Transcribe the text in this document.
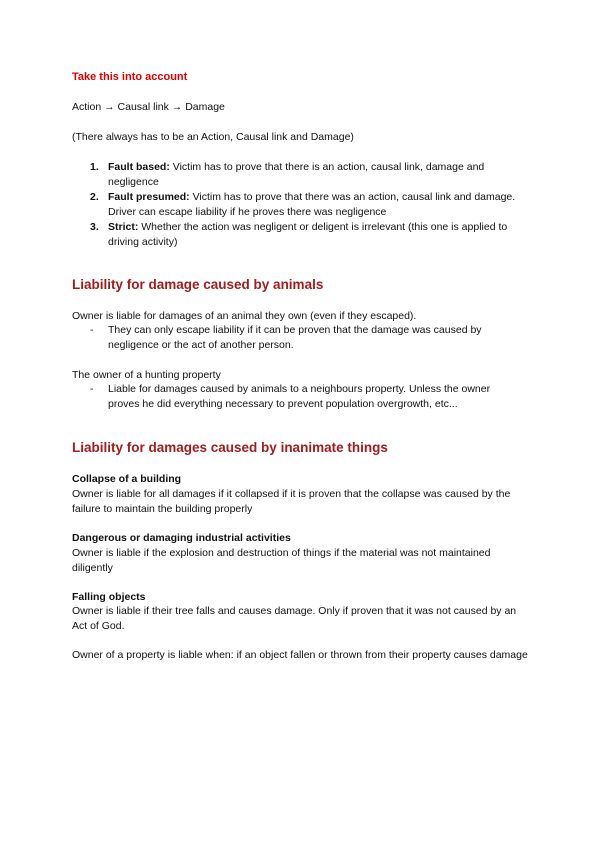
Take this into account

Action → Causal link → Damage

(There always has to be an Action, Causal link and Damage)

1. Fault based: Victim has to prove that there is an action, causal link, damage and negligence
2. Fault presumed: Victim has to prove that there was an action, causal link and damage. Driver can escape liability if he proves there was negligence
3. Strict: Whether the action was negligent or deligent is irrelevant (this one is applied to driving activity)
Liability for damage caused by animals

Owner is liable for damages of an animal they own (even if they escaped).

- They can only escape liability if it can be proven that the damage was caused by negligence or the act of another person.

The owner of a hunting property

- Liable for damages caused by animals to a neighbours property. Unless the owner proves he did everything necessary to prevent population overgrowth, etc...
Liability for damages caused by inanimate things

Collapse of a building

Owner is liable for all damages if it collapsed if it is proven that the collapse was caused by the failure to maintain the building properly

Dangerous or damaging industrial activities

Owner is liable if the explosion and destruction of things if the material was not maintained diligently

Falling objects

Owner is liable if their tree falls and causes damage. Only if proven that it was not caused by an Act of God.

Owner of a property is liable when: if an object fallen or thrown from their property causes damage
